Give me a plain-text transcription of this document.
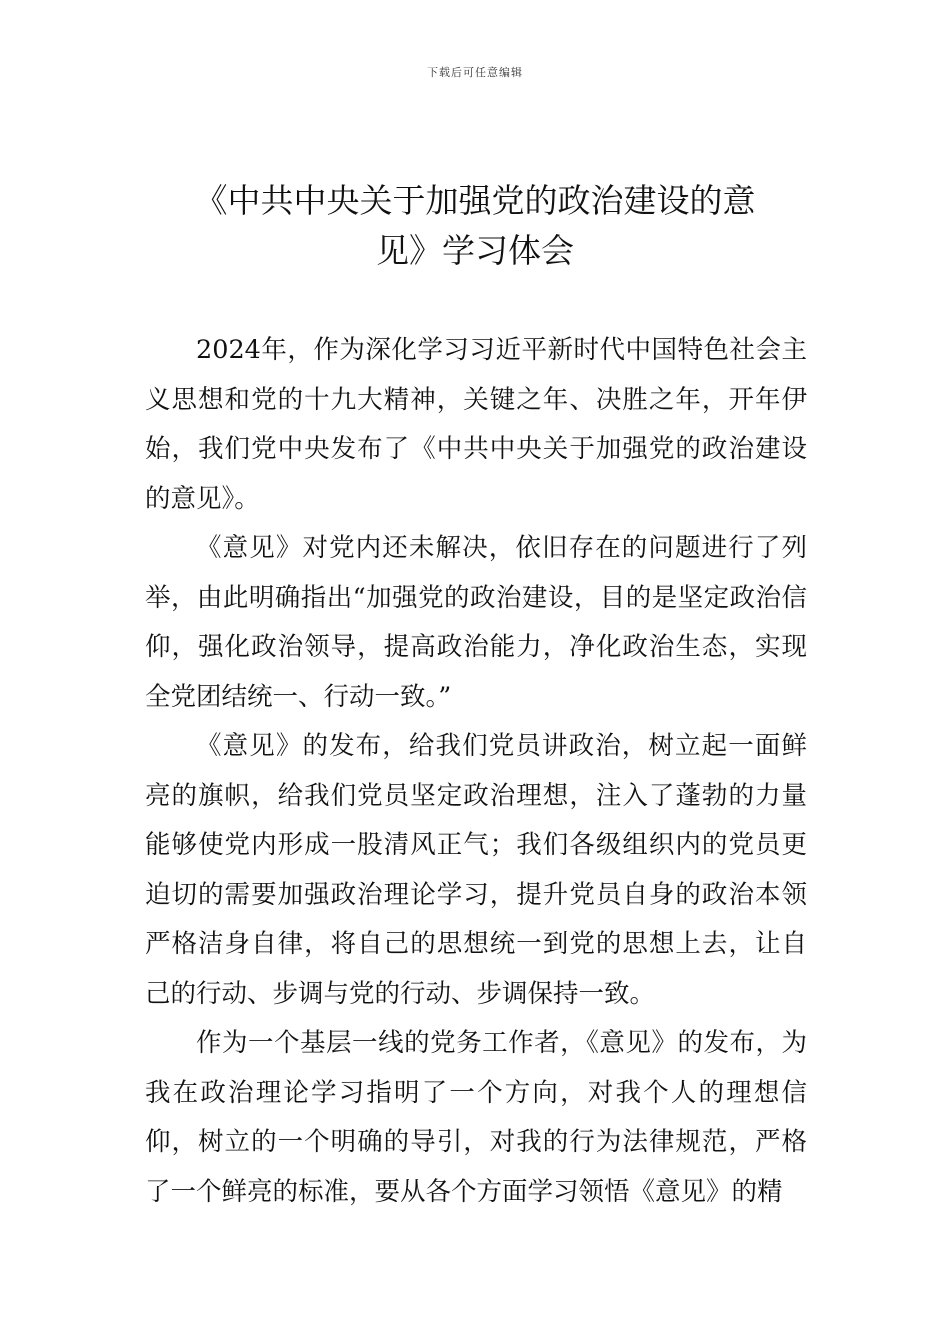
下载后可任意编辑
《中共中央关于加强党的政治建设的意
见》学习体会

2024年，作为深化学习习近平新时代中国特色社会主义思想和党的十九大精神，关键之年、决胜之年，开年伊始，我们党中央发布了《中共中央关于加强党的政治建设的意见》。

《意见》对党内还未解决，依旧存在的问题进行了列举，由此明确指出“加强党的政治建设，目的是坚定政治信仰，强化政治领导，提高政治能力，净化政治生态，实现全党团结统一、行动一致。”

《意见》的发布，给我们党员讲政治，树立起一面鲜亮的旗帜，给我们党员坚定政治理想，注入了蓬勃的力量能够使党内形成一股清风正气；我们各级组织内的党员更迫切的需要加强政治理论学习，提升党员自身的政治本领严格洁身自律，将自己的思想统一到党的思想上去，让自己的行动、步调与党的行动、步调保持一致。

作为一个基层一线的党务工作者，《意见》的发布，为我在政治理论学习指明了一个方向，对我个人的理想信仰，树立的一个明确的导引，对我的行为法律规范，严格了一个鲜亮的标准，要从各个方面学习领悟《意见》的精
